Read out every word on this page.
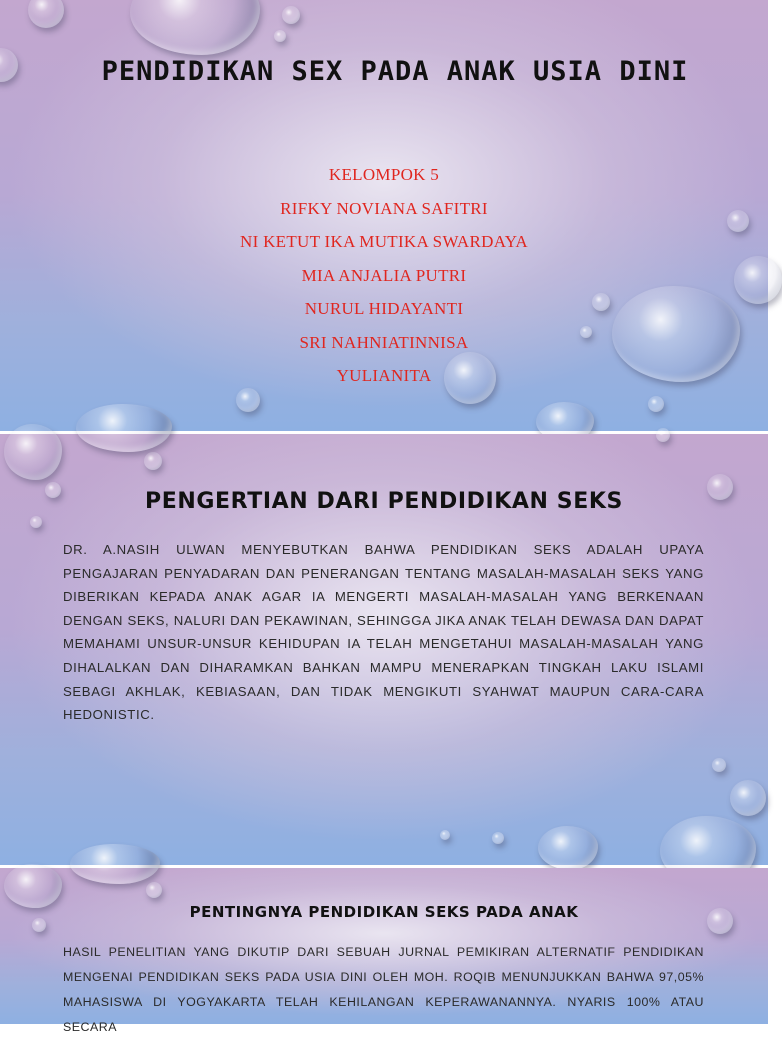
PENDIDIKAN SEX PADA ANAK USIA DINI
KELOMPOK 5
RIFKY NOVIANA SAFITRI
NI KETUT IKA MUTIKA SWARDAYA
MIA ANJALIA PUTRI
NURUL HIDAYANTI
SRI NAHNIATINNISA
YULIANITA
PENGERTIAN DARI PENDIDIKAN SEKS

DR. A.NASIH ULWAN MENYEBUTKAN BAHWA PENDIDIKAN SEKS ADALAH UPAYA PENGAJARAN PENYADARAN DAN PENERANGAN TENTANG MASALAH-MASALAH SEKS YANG DIBERIKAN KEPADA ANAK AGAR IA MENGERTI MASALAH-MASALAH YANG BERKENAAN DENGAN SEKS, NALURI DAN PEKAWINAN, SEHINGGA JIKA ANAK TELAH DEWASA DAN DAPAT MEMAHAMI UNSUR-UNSUR KEHIDUPAN IA TELAH MENGETAHUI MASALAH-MASALAH YANG DIHALALKAN DAN DIHARAMKAN BAHKAN MAMPU MENERAPKAN TINGKAH LAKU ISLAMI SEBAGI AKHLAK, KEBIASAAN, DAN TIDAK MENGIKUTI SYAHWAT MAUPUN CARA-CARA HEDONISTIC.

PENTINGNYA PENDIDIKAN SEKS PADA ANAK

HASIL PENELITIAN YANG DIKUTIP DARI SEBUAH JURNAL PEMIKIRAN ALTERNATIF PENDIDIKAN MENGENAI PENDIDIKAN SEKS PADA USIA DINI OLEH MOH. ROQIB MENUNJUKKAN BAHWA 97,05% MAHASISWA DI YOGYAKARTA TELAH KEHILANGAN KEPERAWANANNYA. NYARIS 100% ATAU SECARA
